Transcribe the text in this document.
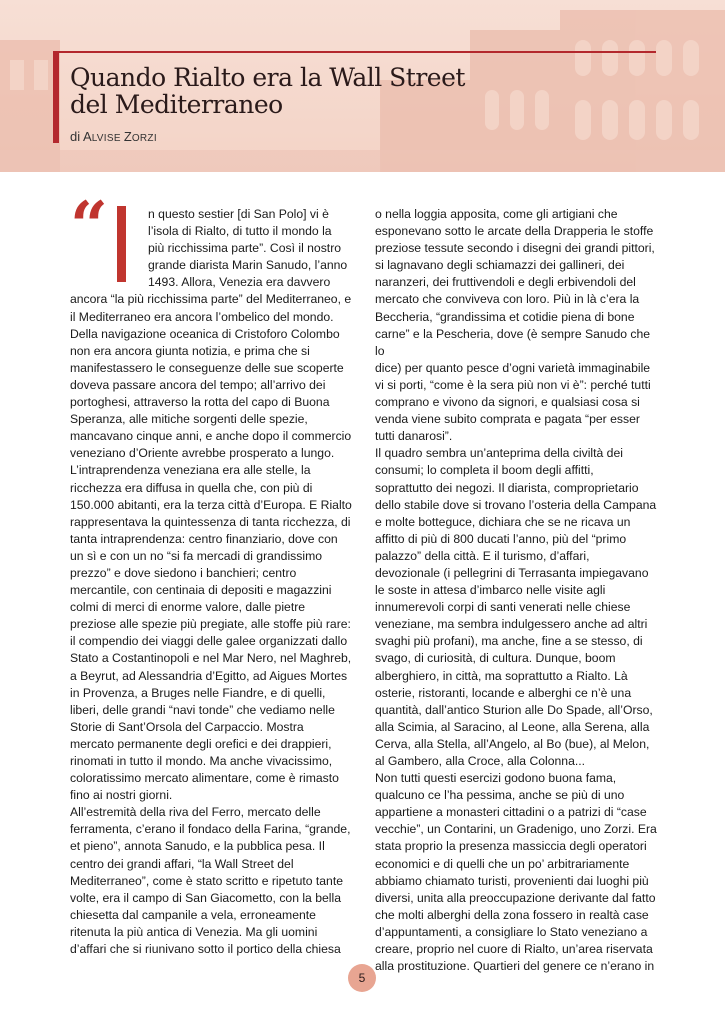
Quando Rialto era la Wall Street
del Mediterraneo
di ALVISE ZORZI
“	n questo sestier [di San Polo] vi è

l’isola di Rialto, di tutto il mondo la

più ricchissima parte”. Così il nostro

grande diarista Marin Sanudo, l’anno

1493. Allora, Venezia era davvero

ancora “la più ricchissima parte” del Mediterraneo, e

il Mediterraneo era ancora l’ombelico del mondo.

Della navigazione oceanica di Cristoforo Colombo

non era ancora giunta notizia, e prima che si

manifestassero le conseguenze delle sue scoperte

doveva passare ancora del tempo; all’arrivo dei

portoghesi, attraverso la rotta del capo di Buona

Speranza, alle mitiche sorgenti delle spezie,

mancavano cinque anni, e anche dopo il commercio

veneziano d’Oriente avrebbe prosperato a lungo.

L’intraprendenza veneziana era alle stelle, la

ricchezza era diffusa in quella che, con più di

150.000 abitanti, era la terza città d’Europa. E Rialto

rappresentava la quintessenza di tanta ricchezza, di

tanta intraprendenza: centro finanziario, dove con

un sì e con un no “si fa mercadi di grandissimo

prezzo” e dove siedono i banchieri; centro

mercantile, con centinaia di depositi e magazzini

colmi di merci di enorme valore, dalle pietre

preziose alle spezie più pregiate, alle stoffe più rare:

il compendio dei viaggi delle galee organizzati dallo

Stato a Costantinopoli e nel Mar Nero, nel Maghreb,

a Beyrut, ad Alessandria d’Egitto, ad Aigues Mortes

in Provenza, a Bruges nelle Fiandre, e di quelli,

liberi, delle grandi “navi tonde” che vediamo nelle

Storie di Sant’Orsola del Carpaccio. Mostra

mercato permanente degli orefici e dei drappieri,

rinomati in tutto il mondo. Ma anche vivacissimo,

coloratissimo mercato alimentare, come è rimasto

fino ai nostri giorni.

All’estremità della riva del Ferro, mercato delle

ferramenta, c’erano il fondaco della Farina, “grande,

et pieno”, annota Sanudo, e la pubblica pesa. Il

centro dei grandi affari, “la Wall Street del

Mediterraneo”, come è stato scritto e ripetuto tante

volte, era il campo di San Giacometto, con la bella

chiesetta dal campanile a vela, erroneamente

ritenuta la più antica di Venezia. Ma gli uomini

d’affari che si riunivano sotto il portico della chiesa

o nella loggia apposita, come gli artigiani che

esponevano sotto le arcate della Drapperia le stoffe

preziose tessute secondo i disegni dei grandi pittori,

si lagnavano degli schiamazzi dei gallineri, dei

naranzeri, dei fruttivendoli e degli erbivendoli del

mercato che conviveva con loro. Più in là c’era la

Beccheria, “grandissima et cotidie piena di bone

carne” e la Pescheria, dove (è sempre Sanudo che lo

dice) per quanto pesce d’ogni varietà immaginabile

vi si porti, “come è la sera più non vi è”: perché tutti

comprano e vivono da signori, e qualsiasi cosa si

venda viene subito comprata e pagata “per esser

tutti danarosi”.

Il quadro sembra un’anteprima della civiltà dei

consumi; lo completa il boom degli affitti,

soprattutto dei negozi. Il diarista, comproprietario

dello stabile dove si trovano l’osteria della Campana

e molte botteguce, dichiara che se ne ricava un

affitto di più di 800 ducati l’anno, più del “primo

palazzo” della città. E il turismo, d’affari,

devozionale (i pellegrini di Terrasanta impiegavano

le soste in attesa d’imbarco nelle visite agli

innumerevoli corpi di santi venerati nelle chiese

veneziane, ma sembra indulgessero anche ad altri

svaghi più profani), ma anche, fine a se stesso, di

svago, di curiosità, di cultura. Dunque, boom

alberghiero, in città, ma soprattutto a Rialto. Là

osterie, ristoranti, locande e alberghi ce n’è una

quantità, dall’antico Sturion alle Do Spade, all’Orso,

alla Scimia, al Saracino, al Leone, alla Serena, alla

Cerva, alla Stella, all’Angelo, al Bo (bue), al Melon,

al Gambero, alla Croce, alla Colonna...

Non tutti questi esercizi godono buona fama,

qualcuno ce l’ha pessima, anche se più di uno

appartiene a monasteri cittadini o a patrizi di “case

vecchie”, un Contarini, un Gradenigo, uno Zorzi. Era

stata proprio la presenza massiccia degli operatori

economici e di quelli che un po’ arbitrariamente

abbiamo chiamato turisti, provenienti dai luoghi più

diversi, unita alla preoccupazione derivante dal fatto

che molti alberghi della zona fossero in realtà case

d’appuntamenti, a consigliare lo Stato veneziano a

creare, proprio nel cuore di Rialto, un’area riservata

alla prostituzione. Quartieri del genere ce n’erano in

5
